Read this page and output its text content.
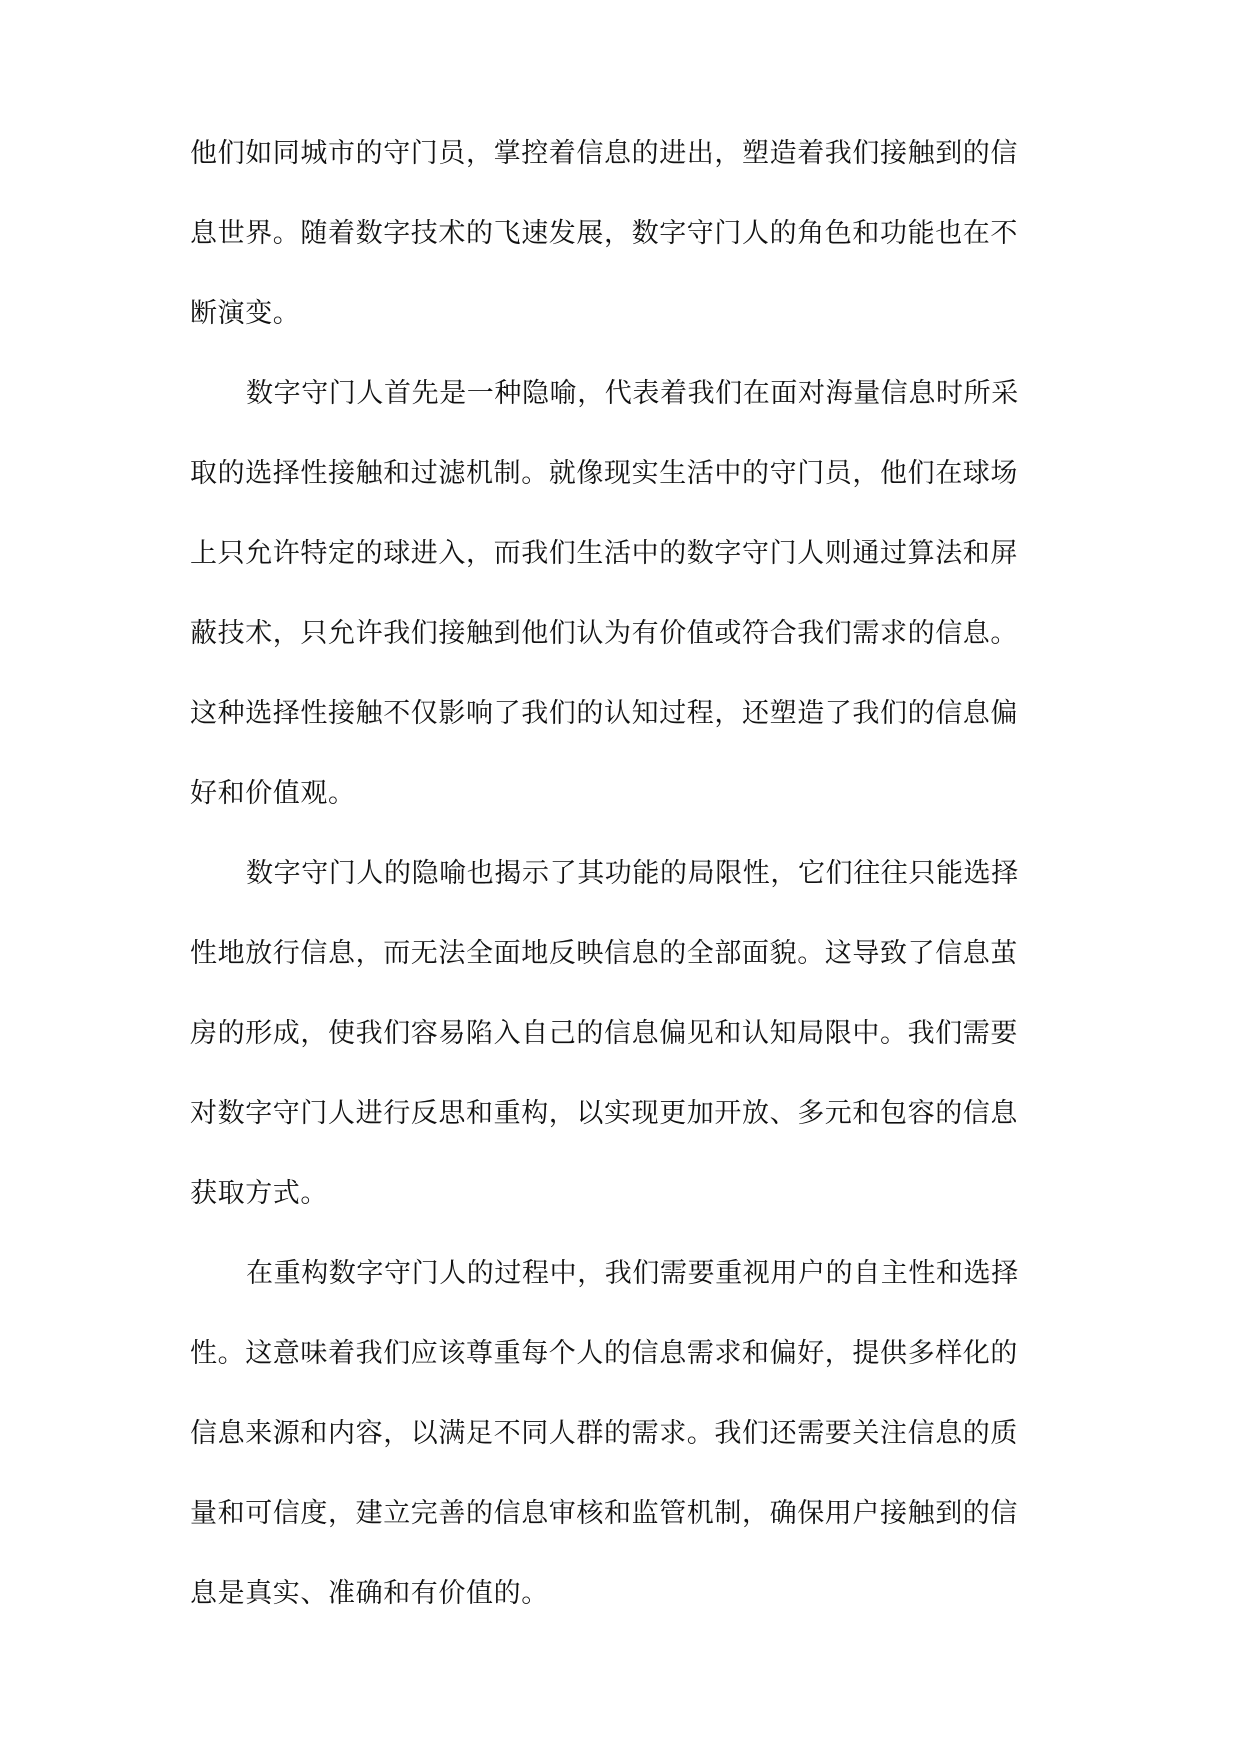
他们如同城市的守门员，掌控着信息的进出，塑造着我们接触到的信
息世界。随着数字技术的飞速发展，数字守门人的角色和功能也在不
断演变。
数字守门人首先是一种隐喻，代表着我们在面对海量信息时所采
取的选择性接触和过滤机制。就像现实生活中的守门员，他们在球场
上只允许特定的球进入，而我们生活中的数字守门人则通过算法和屏
蔽技术，只允许我们接触到他们认为有价值或符合我们需求的信息。
这种选择性接触不仅影响了我们的认知过程，还塑造了我们的信息偏
好和价值观。
数字守门人的隐喻也揭示了其功能的局限性，它们往往只能选择
性地放行信息，而无法全面地反映信息的全部面貌。这导致了信息茧
房的形成，使我们容易陷入自己的信息偏见和认知局限中。我们需要
对数字守门人进行反思和重构，以实现更加开放、多元和包容的信息
获取方式。
在重构数字守门人的过程中，我们需要重视用户的自主性和选择
性。这意味着我们应该尊重每个人的信息需求和偏好，提供多样化的
信息来源和内容，以满足不同人群的需求。我们还需要关注信息的质
量和可信度，建立完善的信息审核和监管机制，确保用户接触到的信
息是真实、准确和有价值的。
